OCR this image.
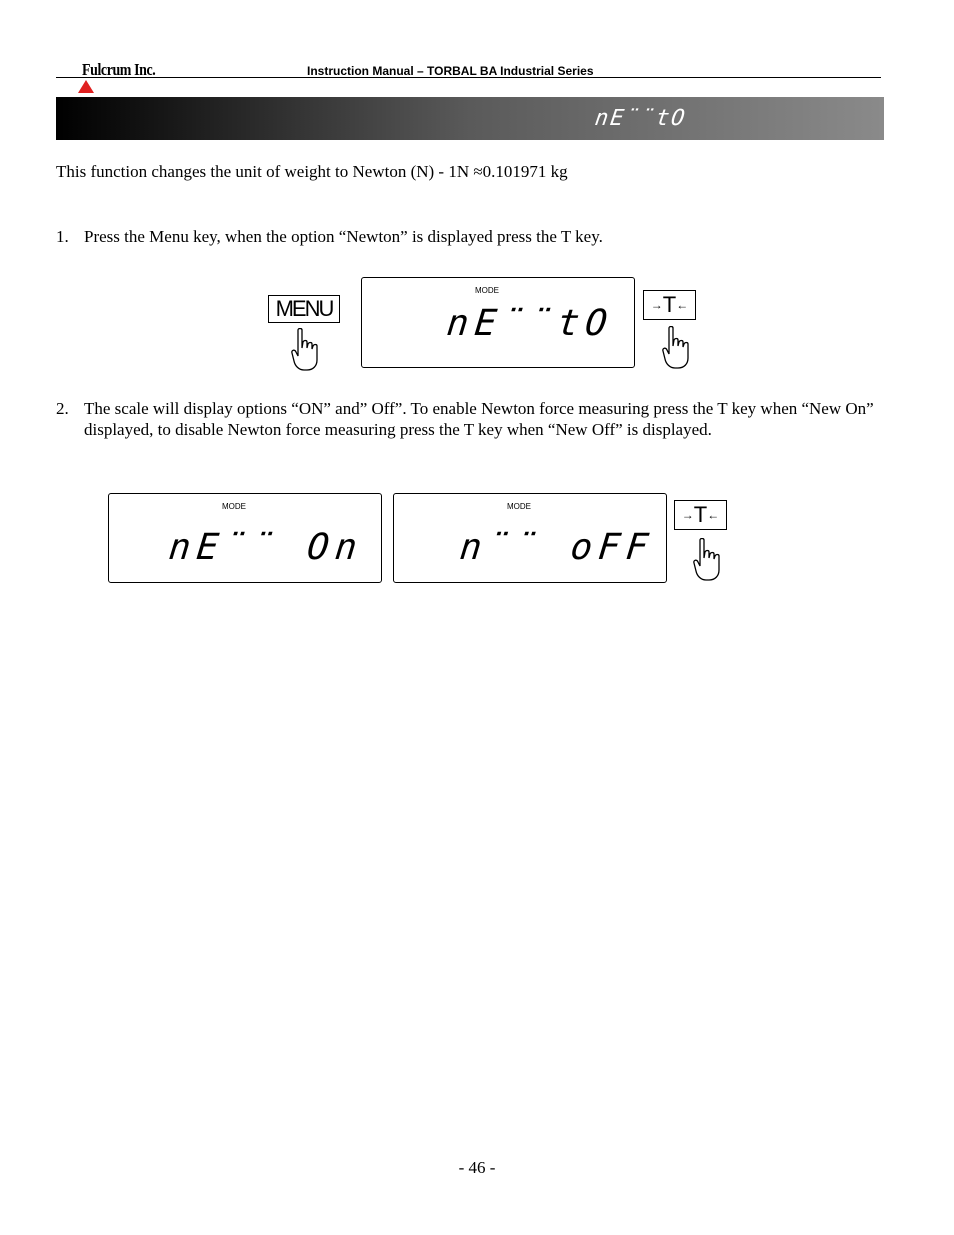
Fulcrum Inc.	Instruction Manual – TORBAL BA Industrial Series
nE¨¨tO
This function changes the unit of weight to Newton (N) - 1N ≈0.101971 kg
1. Press the Menu key, when the option “Newton” is displayed press the T key.
MENU
MODE
nE¨¨tO	→ T ←
2. The scale will display options “ON” and” Off”. To enable Newton force measuring press the T key when “New On” displayed, to disable Newton force measuring press the T key when “New Off” is displayed.
MODE
nE¨¨ On
MODE
n¨¨ oFF
→ T ←
- 46 -
